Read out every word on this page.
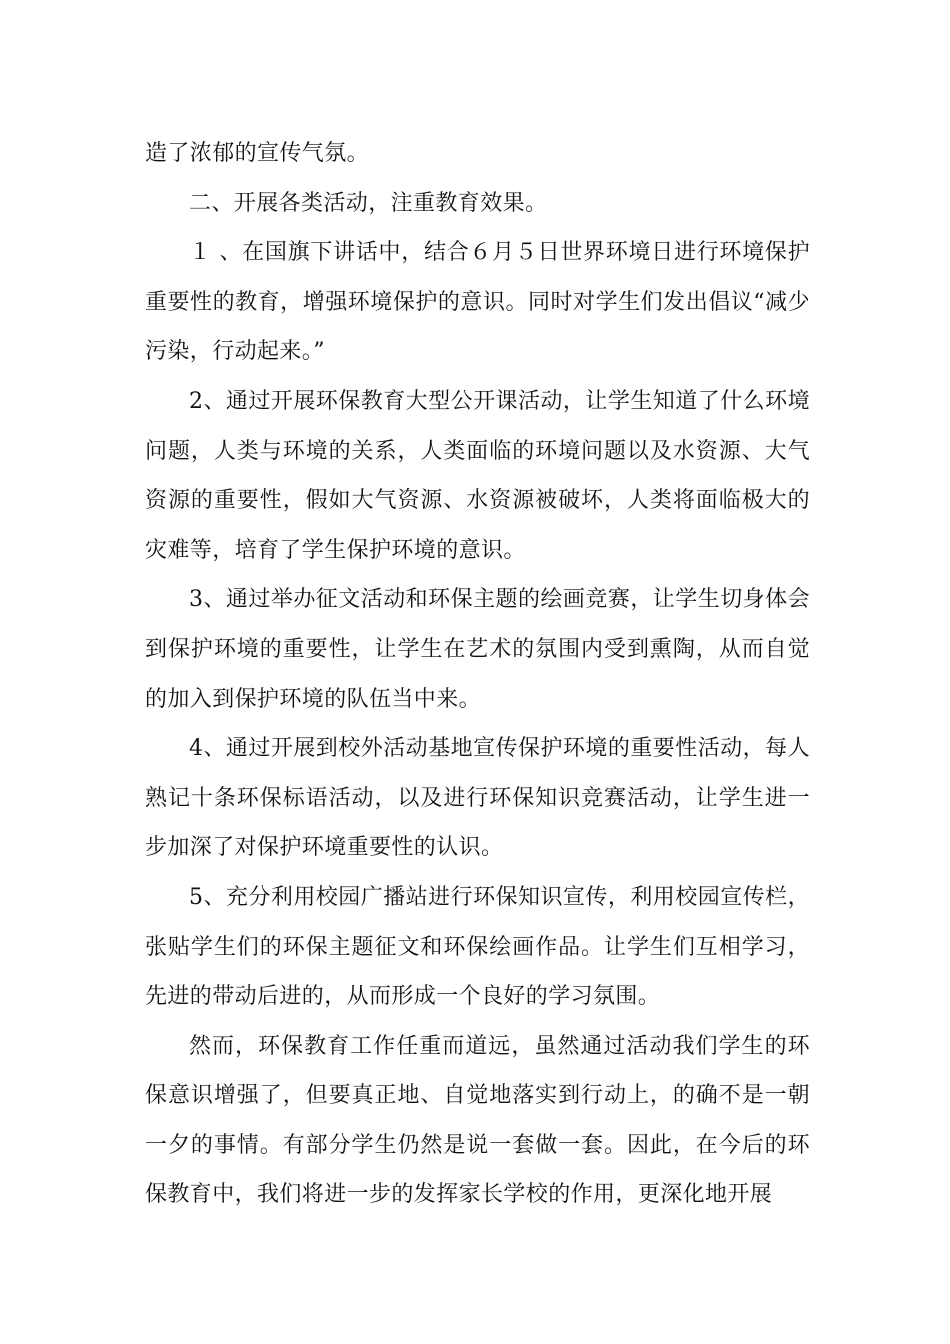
造了浓郁的宣传气氛。

二、开展各类活动，注重教育效果。

１ 、在国旗下讲话中，结合６月５日世界环境日进行环境保护重要性的教育，增强环境保护的意识。同时对学生们发出倡议“减少污染，行动起来。”

2、通过开展环保教育大型公开课活动，让学生知道了什么环境问题，人类与环境的关系，人类面临的环境问题以及水资源、大气资源的重要性，假如大气资源、水资源被破坏，人类将面临极大的灾难等，培育了学生保护环境的意识。

3、通过举办征文活动和环保主题的绘画竞赛，让学生切身体会到保护环境的重要性，让学生在艺术的氛围内受到熏陶，从而自觉的加入到保护环境的队伍当中来。

4、通过开展到校外活动基地宣传保护环境的重要性活动，每人熟记十条环保标语活动，以及进行环保知识竞赛活动，让学生进一步加深了对保护环境重要性的认识。

5、充分利用校园广播站进行环保知识宣传，利用校园宣传栏，张贴学生们的环保主题征文和环保绘画作品。让学生们互相学习，先进的带动后进的，从而形成一个良好的学习氛围。

然而，环保教育工作任重而道远，虽然通过活动我们学生的环保意识增强了，但要真正地、自觉地落实到行动上，的确不是一朝一夕的事情。有部分学生仍然是说一套做一套。因此，在今后的环保教育中，我们将进一步的发挥家长学校的作用，更深化地开展
